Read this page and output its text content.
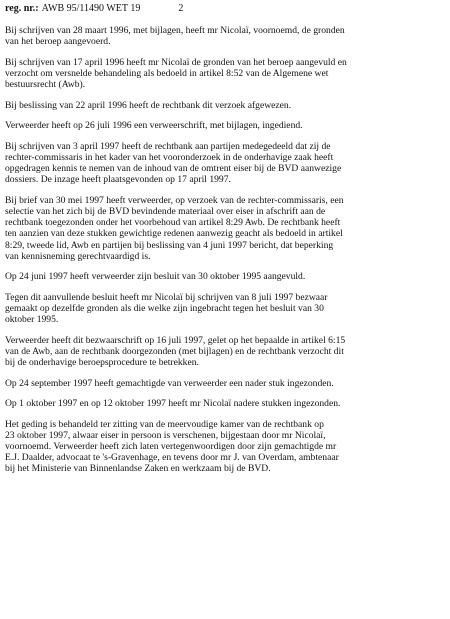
reg. nr.: AWB 95/11490 WET 19	2

Bij schrijven van 28 maart 1996, met bijlagen, heeft mr Nicolaï, voornoemd, de gronden
van het beroep aangevoerd.

Bij schrijven van 17 april 1996 heeft mr Nicolaï de gronden van het beroep aangevuld en
verzocht om versnelde behandeling als bedoeld in artikel 8:52 van de Algemene wet
bestuursrecht (Awb).

Bij beslissing van 22 april 1996 heeft de rechtbank dit verzoek afgewezen.

Verweerder heeft op 26 juli 1996 een verweerschrift, met bijlagen, ingediend.

Bij schrijven van 3 april 1997 heeft de rechtbank aan partijen medegedeeld dat zij de
rechter-commissaris in het kader van het vooronderzoek in de onderhavige zaak heeft
opgedragen kennis te nemen van de inhoud van de omtrent eiser bij de BVD aanwezige
dossiers. De inzage heeft plaatsgevonden op 17 april 1997.

Bij brief van 30 mei 1997 heeft verweerder, op verzoek van de rechter-commissaris, een
selectie van het zich bij de BVD bevindende materiaal over eiser in afschrift aan de
rechtbank toegezonden onder het voorbehoud van artikel 8:29 Awb. De rechtbank heeft
ten aanzien van deze stukken gewichtige redenen aanwezig geacht als bedoeld in artikel
8:29, tweede lid, Awb en partijen bij beslissing van 4 juni 1997 bericht, dat beperking
van kennisneming gerechtvaardigd is.

Op 24 juni 1997 heeft verweerder zijn besluit van 30 oktober 1995 aangevuld.

Tegen dit aanvullende besluit heeft mr Nicolaï bij schrijven van 8 juli 1997 bezwaar
gemaakt op dezelfde gronden als die welke zijn ingebracht tegen het besluit van 30
oktober 1995.

Verweerder heeft dit bezwaarschrift op 16 juli 1997, gelet op het bepaalde in artikel 6:15
van de Awb, aan de rechtbank doorgezonden (met bijlagen) en de rechtbank verzocht dit
bij de onderhavige beroepsprocedure te betrekken.

Op 24 september 1997 heeft gemachtigde van verweerder een nader stuk ingezonden.

Op 1 oktober 1997 en op 12 oktober 1997 heeft mr Nicolaï nadere stukken ingezonden.

Het geding is behandeld ter zitting van de meervoudige kamer van de rechtbank op
23 oktober 1997, alwaar eiser in persoon is verschenen, bijgestaan door mr Nicolaï,
voornoemd. Verweerder heeft zich laten vertegenwoordigen door zijn gemachtigde mr
E.J. Daalder, advocaat te 's-Gravenhage, en tevens door mr J. van Overdam, ambtenaar
bij het Ministerie van Binnenlandse Zaken en werkzaam bij de BVD.
